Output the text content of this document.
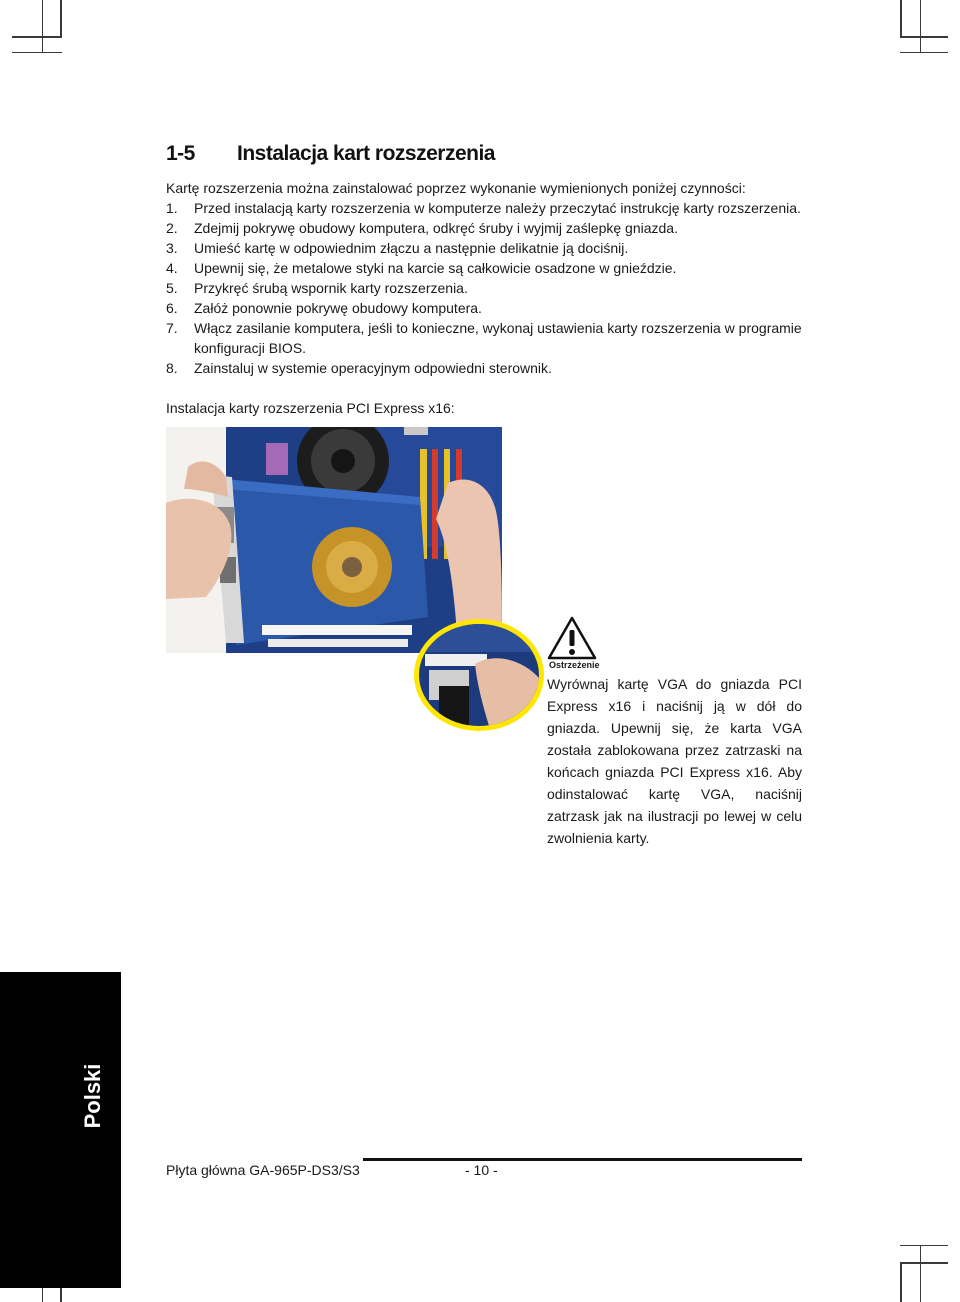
1-5 Instalacja kart rozszerzenia

Kartę rozszerzenia można zainstalować poprzez wykonanie wymienionych poniżej czynności:

1. Przed instalacją karty rozszerzenia w komputerze należy przeczytać instrukcję karty rozszerzenia.
2. Zdejmij pokrywę obudowy komputera, odkręć śruby i wyjmij zaślepkę gniazda.
3. Umieść kartę w odpowiednim złączu a następnie delikatnie ją dociśnij.
4. Upewnij się, że metalowe styki na karcie są całkowicie osadzone w gnieździe.
5. Przykręć śrubą wspornik karty rozszerzenia.
6. Załóż ponownie pokrywę obudowy komputera.
7. Włącz zasilanie komputera, jeśli to konieczne, wykonaj ustawienia karty rozszerzenia w programie konfiguracji BIOS.
8. Zainstaluj w systemie operacyjnym odpowiedni sterownik.

Instalacja karty rozszerzenia PCI Express x16:

Ostrzeżenie

Wyrównaj kartę VGA do gniazda PCI Express x16 i naciśnij ją w dół do gniazda. Upewnij się, że karta VGA została zablokowana przez zatrzaski na końcach gniazda PCI Express x16. Aby odinstalować kartę VGA, naciśnij zatrzask jak na ilustracji po lewej w celu zwolnienia karty.

Polski
Płyta główna GA-965P-DS3/S3	- 10 -
